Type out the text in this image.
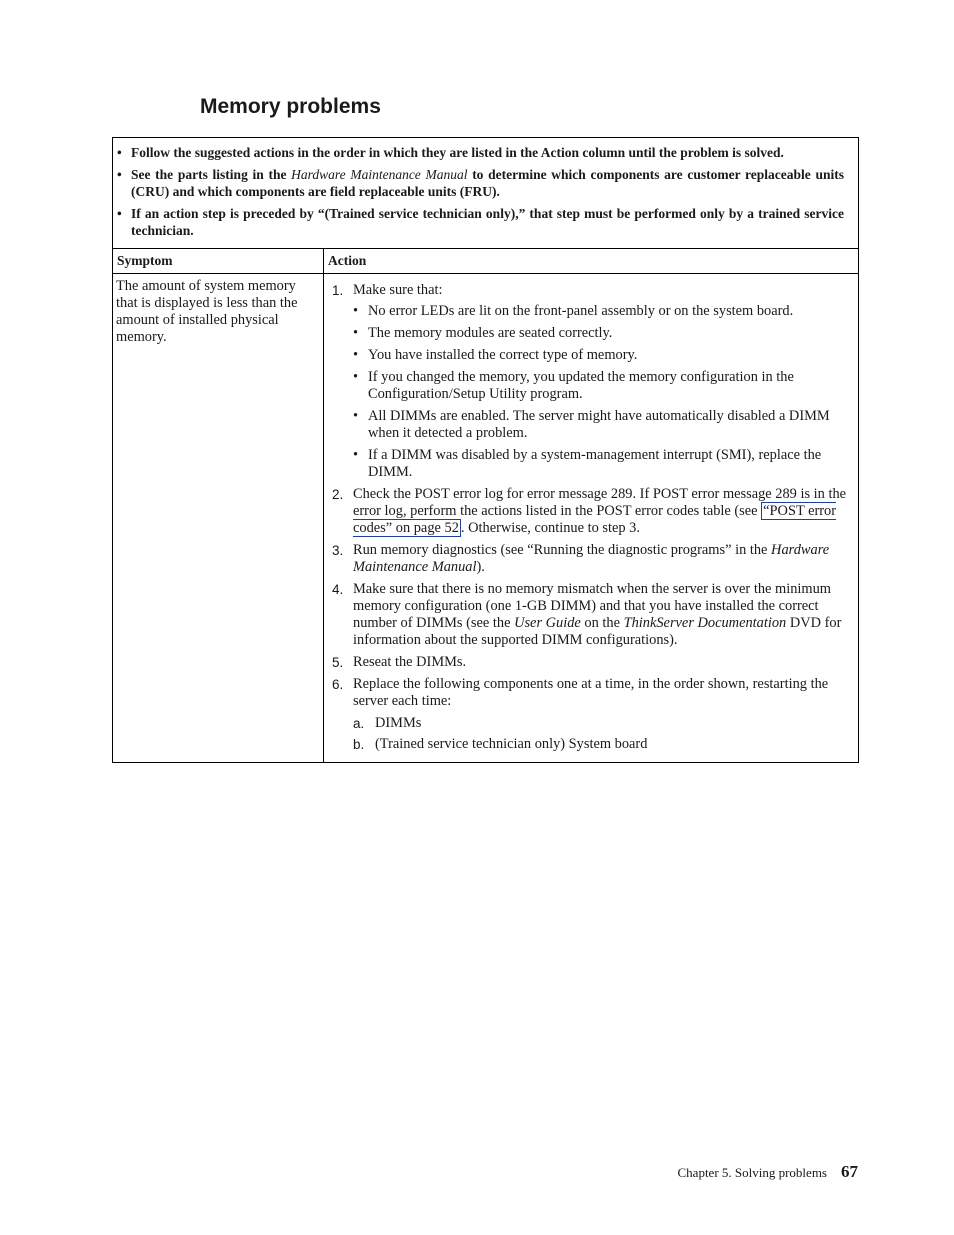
Memory problems
• Follow the suggested actions in the order in which they are listed in the Action column until the problem is solved.
• See the parts listing in the Hardware Maintenance Manual to determine which components are customer replaceable units (CRU) and which components are field replaceable units (FRU).
• If an action step is preceded by “(Trained service technician only),” that step must be performed only by a trained service technician.
Symptom	Action
The amount of system memory that is displayed is less than the amount of installed physical memory.
1. Make sure that:
• No error LEDs are lit on the front-panel assembly or on the system board.
• The memory modules are seated correctly.
• You have installed the correct type of memory.
• If you changed the memory, you updated the memory configuration in the Configuration/Setup Utility program.
• All DIMMs are enabled. The server might have automatically disabled a DIMM when it detected a problem.
• If a DIMM was disabled by a system-management interrupt (SMI), replace the DIMM.
2. Check the POST error log for error message 289. If POST error message 289 is in the error log, perform the actions listed in the POST error codes table (see “POST error codes” on page 52 . Otherwise, continue to step 3.
3. Run memory diagnostics (see “Running the diagnostic programs” in the Hardware Maintenance Manual).
4. Make sure that there is no memory mismatch when the server is over the minimum memory configuration (one 1-GB DIMM) and that you have installed the correct number of DIMMs (see the User Guide on the ThinkServer Documentation DVD for information about the supported DIMM configurations).
5. Reseat the DIMMs.
6. Replace the following components one at a time, in the order shown, restarting the server each time:
a. DIMMs
b. (Trained service technician only) System board
Chapter 5. Solving problems 67
